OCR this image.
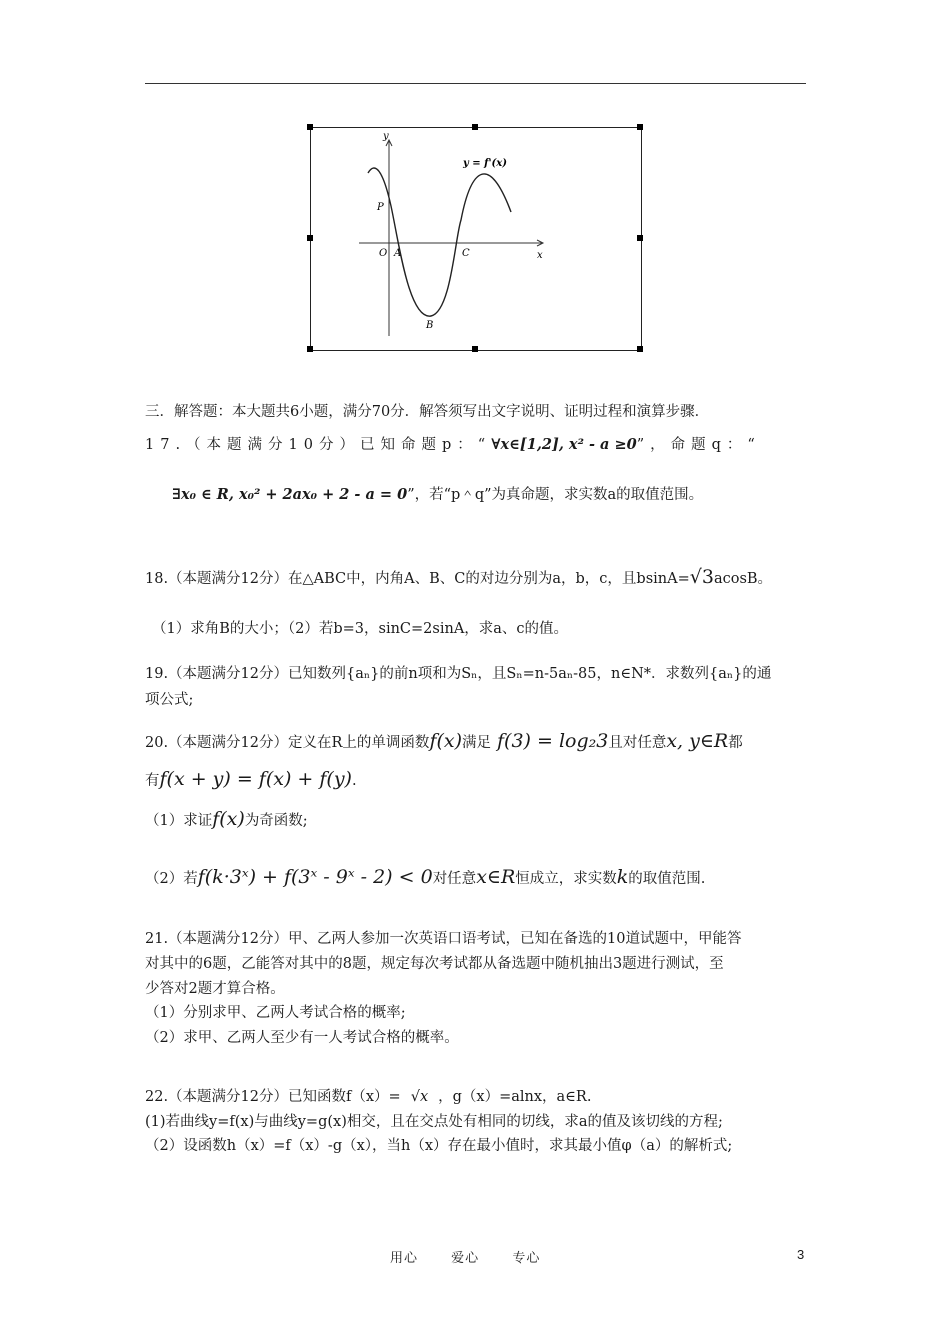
y
x
O
P
A	C
B
y = f'(x)
三．解答题：本大题共6小题，满分70分．解答须写出文字说明、证明过程和演算步骤．
17.（本题满分10分）已知命题p：“∀x∈[1,2], x² - a ≥0”，命题q：“
∃x₀ ∈ R, x₀² + 2ax₀ + 2 - a = 0”，若“p＾q”为真命题，求实数a的取值范围。
18.（本题满分12分）在△ABC中，内角A、B、C的对边分别为a，b，c，且bsinA=√3acosB。
（1）求角B的大小；（2）若b=3，sinC=2sinA，求a、c的值。
19.（本题满分12分）已知数列{aₙ}的前n项和为Sₙ，且Sₙ=n-5aₙ-85，n∈N*．求数列{aₙ}的通
项公式;
20.（本题满分12分）定义在R上的单调函数f(x)满足 f(3) = log₂3且对任意x, y∈R都
有f(x + y) = f(x) + f(y).
（1）求证f(x)为奇函数;
（2）若f(k·3ˣ) + f(3ˣ - 9ˣ - 2) < 0对任意x∈R恒成立，求实数k的取值范围.
21.（本题满分12分）甲、乙两人参加一次英语口语考试，已知在备选的10道试题中，甲能答
对其中的6题，乙能答对其中的8题，规定每次考试都从备选题中随机抽出3题进行测试，至
少答对2题才算合格。
（1）分别求甲、乙两人考试合格的概率;
（2）求甲、乙两人至少有一人考试合格的概率。
22.（本题满分12分）已知函数f（x）= √x ，g（x）=alnx，a∈R.
(1)若曲线y=f(x)与曲线y=g(x)相交，且在交点处有相同的切线，求a的值及该切线的方程;
（2）设函数h（x）=f（x）-g（x），当h（x）存在最小值时，求其最小值φ（a）的解析式;
用心	爱心	专心	3
